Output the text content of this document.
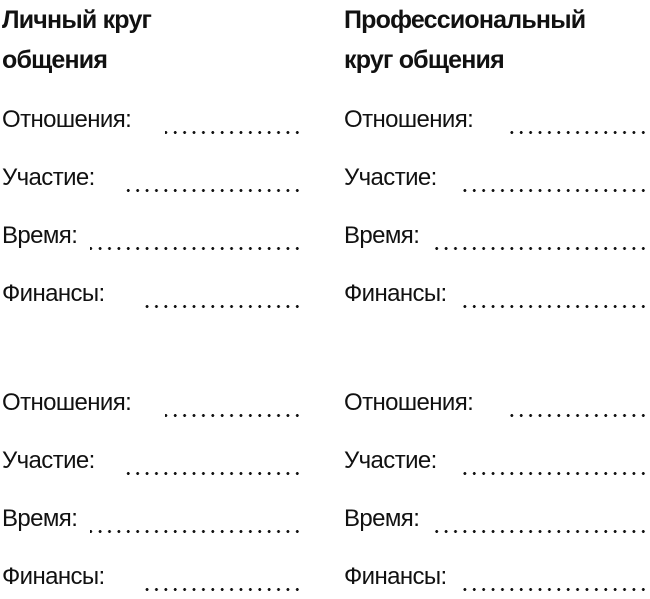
Личный круг
общения
Отношения:
Участие:
Время:
Финансы:
Отношения:
Участие:
Время:
Финансы:
Профессиональный
круг общения
Отношения:
Участие:
Время:
Финансы:
Отношения:
Участие:
Время:
Финансы:
